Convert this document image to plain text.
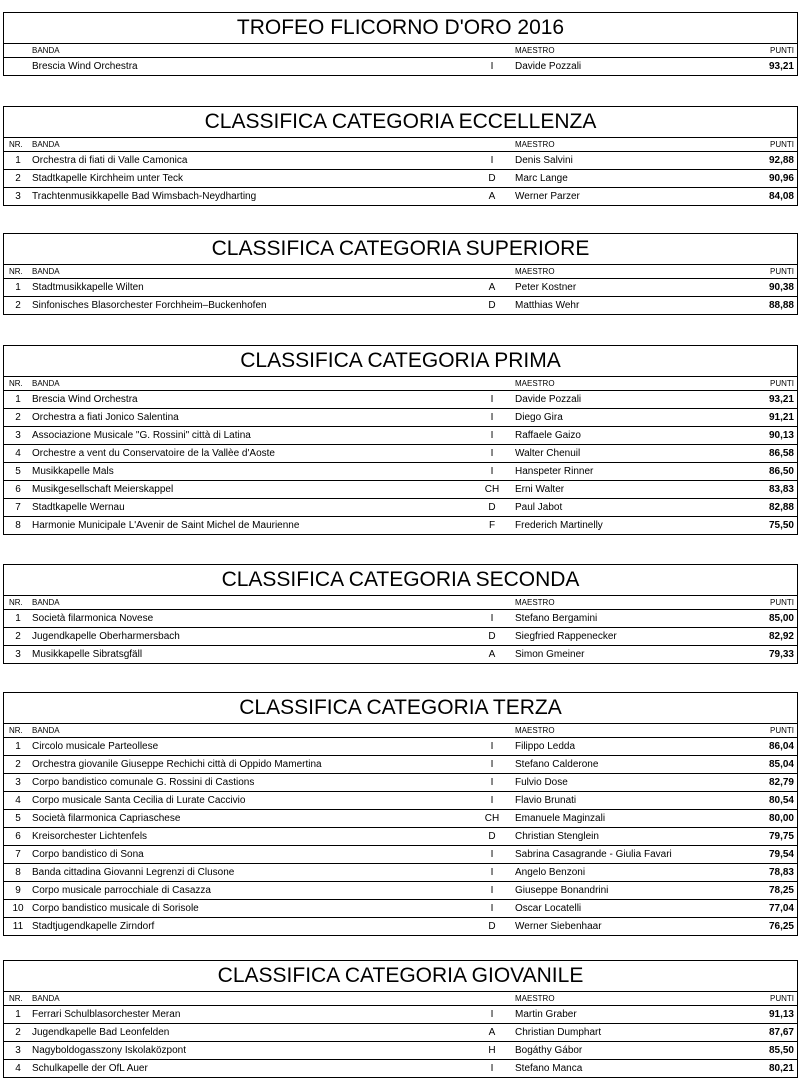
TROFEO FLICORNO D'ORO 2016
BANDA	MAESTRO	PUNTI
Brescia Wind Orchestra	I	Davide Pozzali	93,21
CLASSIFICA CATEGORIA ECCELLENZA
NR. BANDA	MAESTRO	PUNTI
1	Orchestra di fiati di Valle Camonica	I	Denis Salvini	92,88
2	Stadtkapelle Kirchheim unter Teck	D	Marc Lange	90,96
3	Trachtenmusikkapelle Bad Wimsbach-Neydharting	A	Werner Parzer	84,08
CLASSIFICA CATEGORIA SUPERIORE
NR. BANDA	MAESTRO	PUNTI
1	Stadtmusikkapelle Wilten	A	Peter Kostner	90,38
2	Sinfonisches Blasorchester Forchheim–Buckenhofen	D	Matthias Wehr	88,88
CLASSIFICA CATEGORIA PRIMA
NR. BANDA	MAESTRO	PUNTI
1	Brescia Wind Orchestra	I	Davide Pozzali	93,21
2	Orchestra a fiati Jonico Salentina	I	Diego Gira	91,21
3	Associazione Musicale "G. Rossini" città di Latina	I	Raffaele Gaizo	90,13
4	Orchestre a vent du Conservatoire de la Vallèe d'Aoste	I	Walter Chenuil	86,58
5	Musikkapelle Mals	I	Hanspeter Rinner	86,50
6	Musikgesellschaft Meierskappel	CH	Erni Walter	83,83
7	Stadtkapelle Wernau	D	Paul Jabot	82,88
8	Harmonie Municipale L'Avenir de Saint Michel de Maurienne	F	Frederich Martinelly	75,50
CLASSIFICA CATEGORIA SECONDA
NR. BANDA	MAESTRO	PUNTI
1	Società filarmonica Novese	I	Stefano Bergamini	85,00
2	Jugendkapelle Oberharmersbach	D	Siegfried Rappenecker	82,92
3	Musikkapelle Sibratsgfäll	A	Simon Gmeiner	79,33
CLASSIFICA CATEGORIA TERZA
NR. BANDA	MAESTRO	PUNTI
1	Circolo musicale Parteollese	I	Filippo Ledda	86,04
2	Orchestra giovanile Giuseppe Rechichi città di Oppido Mamertina	I	Stefano Calderone	85,04
3	Corpo bandistico comunale G. Rossini di Castions	I	Fulvio Dose	82,79
4	Corpo musicale Santa Cecilia di Lurate Caccivio	I	Flavio Brunati	80,54
5	Società filarmonica Capriaschese	CH	Emanuele Maginzali	80,00
6	Kreisorchester Lichtenfels	D	Christian Stenglein	79,75
7	Corpo bandistico di Sona	I	Sabrina Casagrande - Giulia Favari	79,54
8	Banda cittadina Giovanni Legrenzi di Clusone	I	Angelo Benzoni	78,83
9	Corpo musicale parrocchiale di Casazza	I	Giuseppe Bonandrini	78,25
10 Corpo bandistico musicale di Sorisole	I	Oscar Locatelli	77,04
11 Stadtjugendkapelle Zirndorf	D	Werner Siebenhaar	76,25
CLASSIFICA CATEGORIA GIOVANILE
NR. BANDA	MAESTRO	PUNTI
1	Ferrari Schulblasorchester Meran	I	Martin Graber	91,13
2	Jugendkapelle Bad Leonfelden	A	Christian Dumphart	87,67
3	Nagyboldogasszony Iskolaközpont	H	Bogáthy Gábor	85,50
4	Schulkapelle der OfL Auer	I	Stefano Manca	80,21
